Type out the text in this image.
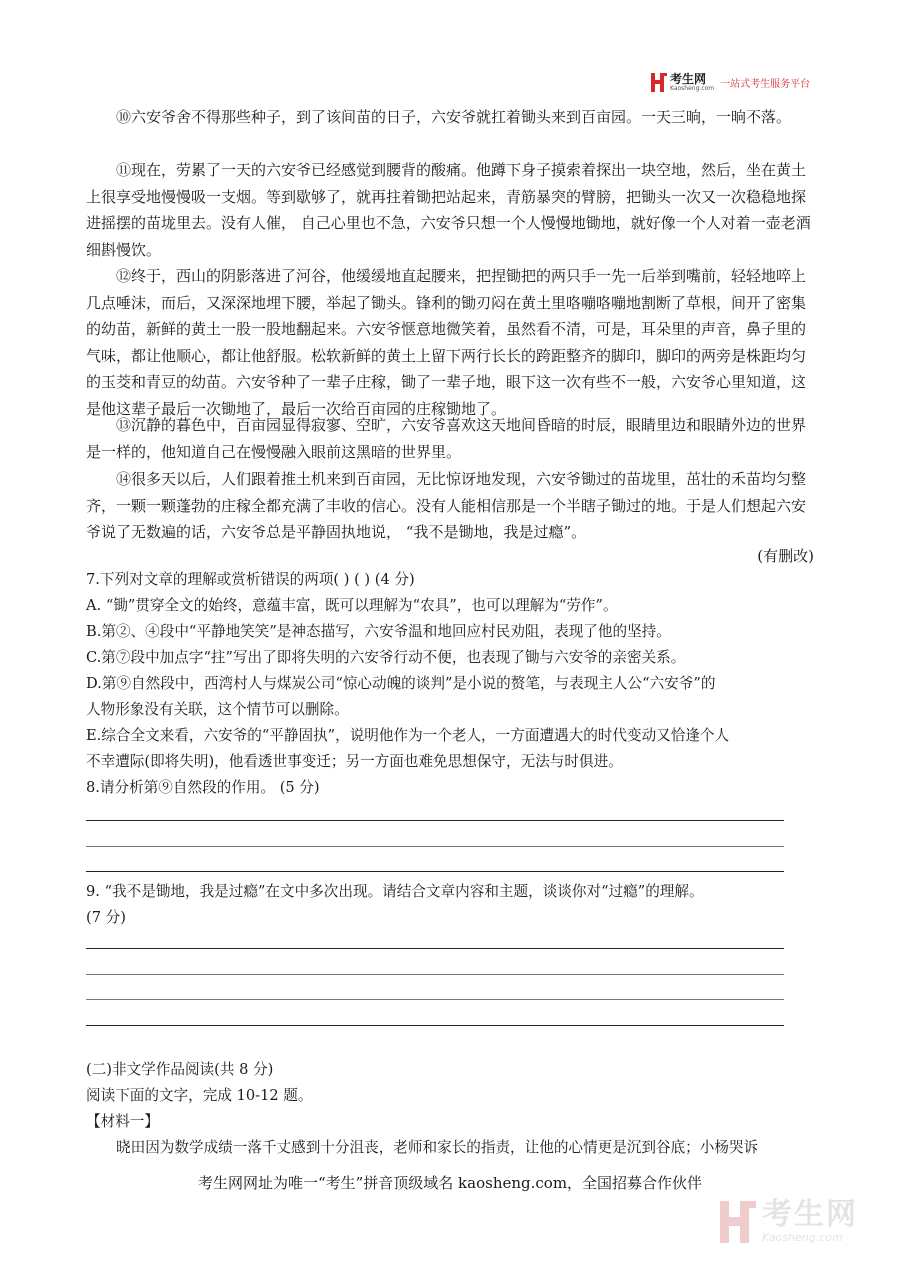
考生网
Kaosheng.com 一站式考生服务平台

⑩六安爷舍不得那些种子，到了该间苗的日子，六安爷就扛着锄头来到百亩园。一天三晌，一晌不落。

⑪现在，劳累了一天的六安爷已经感觉到腰背的酸痛。他蹲下身子摸索着探出一块空地，然后，坐在黄土上很享受地慢慢吸一支烟。等到歇够了，就再拄着锄把站起来，青筋暴突的臂膀，把锄头一次又一次稳稳地探进摇摆的苗垅里去。没有人催， 自己心里也不急，六安爷只想一个人慢慢地锄地，就好像一个人对着一壶老酒细斟慢饮。

⑫终于，西山的阴影落进了河谷，他缓缓地直起腰来，把捏锄把的两只手一先一后举到嘴前，轻轻地啐上几点唾沫，而后，又深深地埋下腰，举起了锄头。锋利的锄刃闷在黄土里咯嘣咯嘣地割断了草根，间开了密集的幼苗，新鲜的黄土一股一股地翻起来。六安爷惬意地微笑着，虽然看不清，可是，耳朵里的声音，鼻子里的气味，都让他顺心，都让他舒服。松软新鲜的黄土上留下两行长长的跨距整齐的脚印，脚印的两旁是株距均匀的玉茭和青豆的幼苗。六安爷种了一辈子庄稼，锄了一辈子地，眼下这一次有些不一般，六安爷心里知道，这是他这辈子最后一次锄地了，最后一次给百亩园的庄稼锄地了。

⑬沉静的暮色中，百亩园显得寂寥、空旷，六安爷喜欢这天地间昏暗的时辰，眼睛里边和眼睛外边的世界是一样的，他知道自己在慢慢融入眼前这黑暗的世界里。

⑭很多天以后，人们跟着推土机来到百亩园，无比惊讶地发现，六安爷锄过的苗垅里，茁壮的禾苗均匀整齐，一颗一颗蓬勃的庄稼全都充满了丰收的信心。没有人能相信那是一个半瞎子锄过的地。于是人们想起六安爷说了无数遍的话，六安爷总是平静固执地说， “我不是锄地，我是过瘾”。

(有删改)
7.下列对文章的理解或赏析错误的两项( ) ( ) (4 分)
A. “锄”贯穿全文的始终，意蕴丰富，既可以理解为“农具”，也可以理解为“劳作”。
B.第②、④段中“平静地笑笑”是神态描写，六安爷温和地回应村民劝阻，表现了他的坚持。
C.第⑦段中加点字“拄”写出了即将失明的六安爷行动不便，也表现了锄与六安爷的亲密关系。
D.第⑨自然段中，西湾村人与煤炭公司“惊心动魄的谈判”是小说的赘笔，与表现主人公“六安爷”的
人物形象没有关联，这个情节可以删除。
E.综合全文来看，六安爷的“平静固执”，说明他作为一个老人，一方面遭遇大的时代变动又恰逢个人
不幸遭际(即将失明)，他看透世事变迁；另一方面也难免思想保守，无法与时俱进。
8.请分析第⑨自然段的作用。 (5 分)
9. “我不是锄地，我是过瘾”在文中多次出现。请结合文章内容和主题，谈谈你对“过瘾”的理解。
(7 分)
(二)非文学作品阅读(共 8 分)
阅读下面的文字，完成 10-12 题。
【材料一】
晓田因为数学成绩一落千丈感到十分沮丧，老师和家长的指责，让他的心情更是沉到谷底；小杨哭诉
考生网网址为唯一“考生”拼音顶级域名 kaosheng.com，全国招募合作伙伴
考生网
Kaosheng.com
